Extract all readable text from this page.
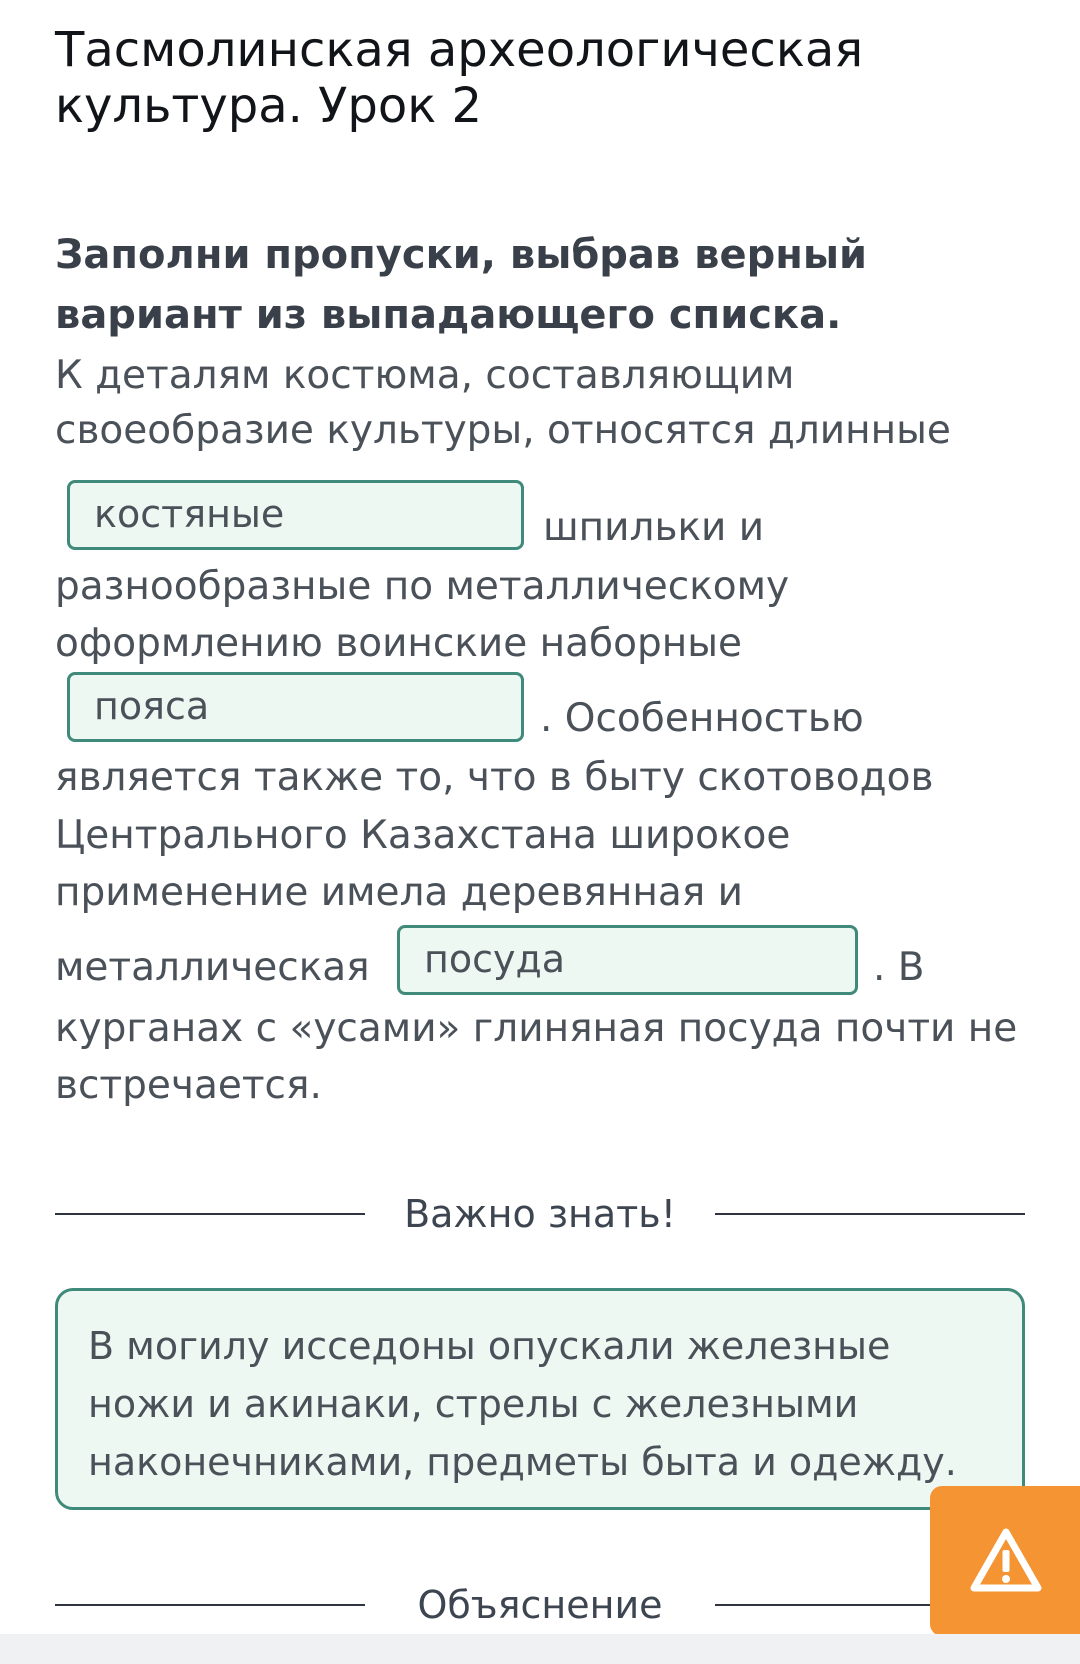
Тасмолинская археологическая культура. Урок 2

Заполни пропуски, выбрав верный вариант из выпадающего списка.

К деталям костюма, составляющим
своеобразие культуры, относятся длинные
костяные	шпильки и
разнообразные по металлическому
оформлению воинские наборные
пояса	. Особенностью
является также то, что в быту скотоводов
Центрального Казахстана широкое
применение имела деревянная и
металлическая	посуда	. В
курганах с «усами» глиняная посуда почти не
встречается.
Важно знать!
В могилу исседоны опускали железные ножи и акинаки, стрелы с железными наконечниками, предметы быта и одежду.
Объяснение
